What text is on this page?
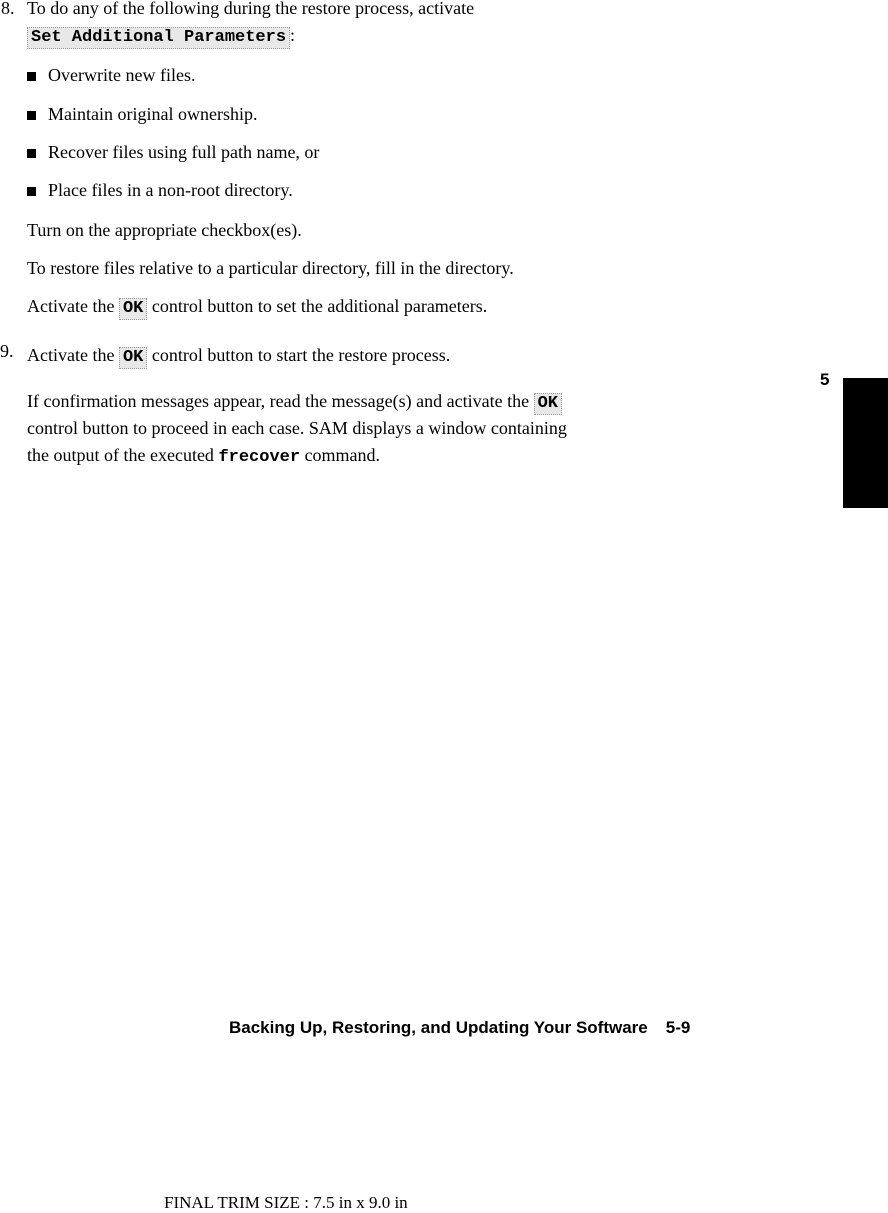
8. To do any of the following during the restore process, activate
Set Additional Parameters :
Overwrite new files.
Maintain original ownership.
Recover files using full path name, or
Place files in a non-root directory.
Turn on the appropriate checkbox(es).
To restore files relative to a particular directory, fill in the directory.
Activate the OK control button to set the additional parameters.
9. Activate the OK control button to start the restore process.
If confirmation messages appear, read the message(s) and activate the OK
control button to proceed in each case. SAM displays a window containing
the output of the executed frecover command.
5
Backing Up, Restoring, and Updating Your Software 5-9
FINAL TRIM SIZE : 7.5 in x 9.0 in
